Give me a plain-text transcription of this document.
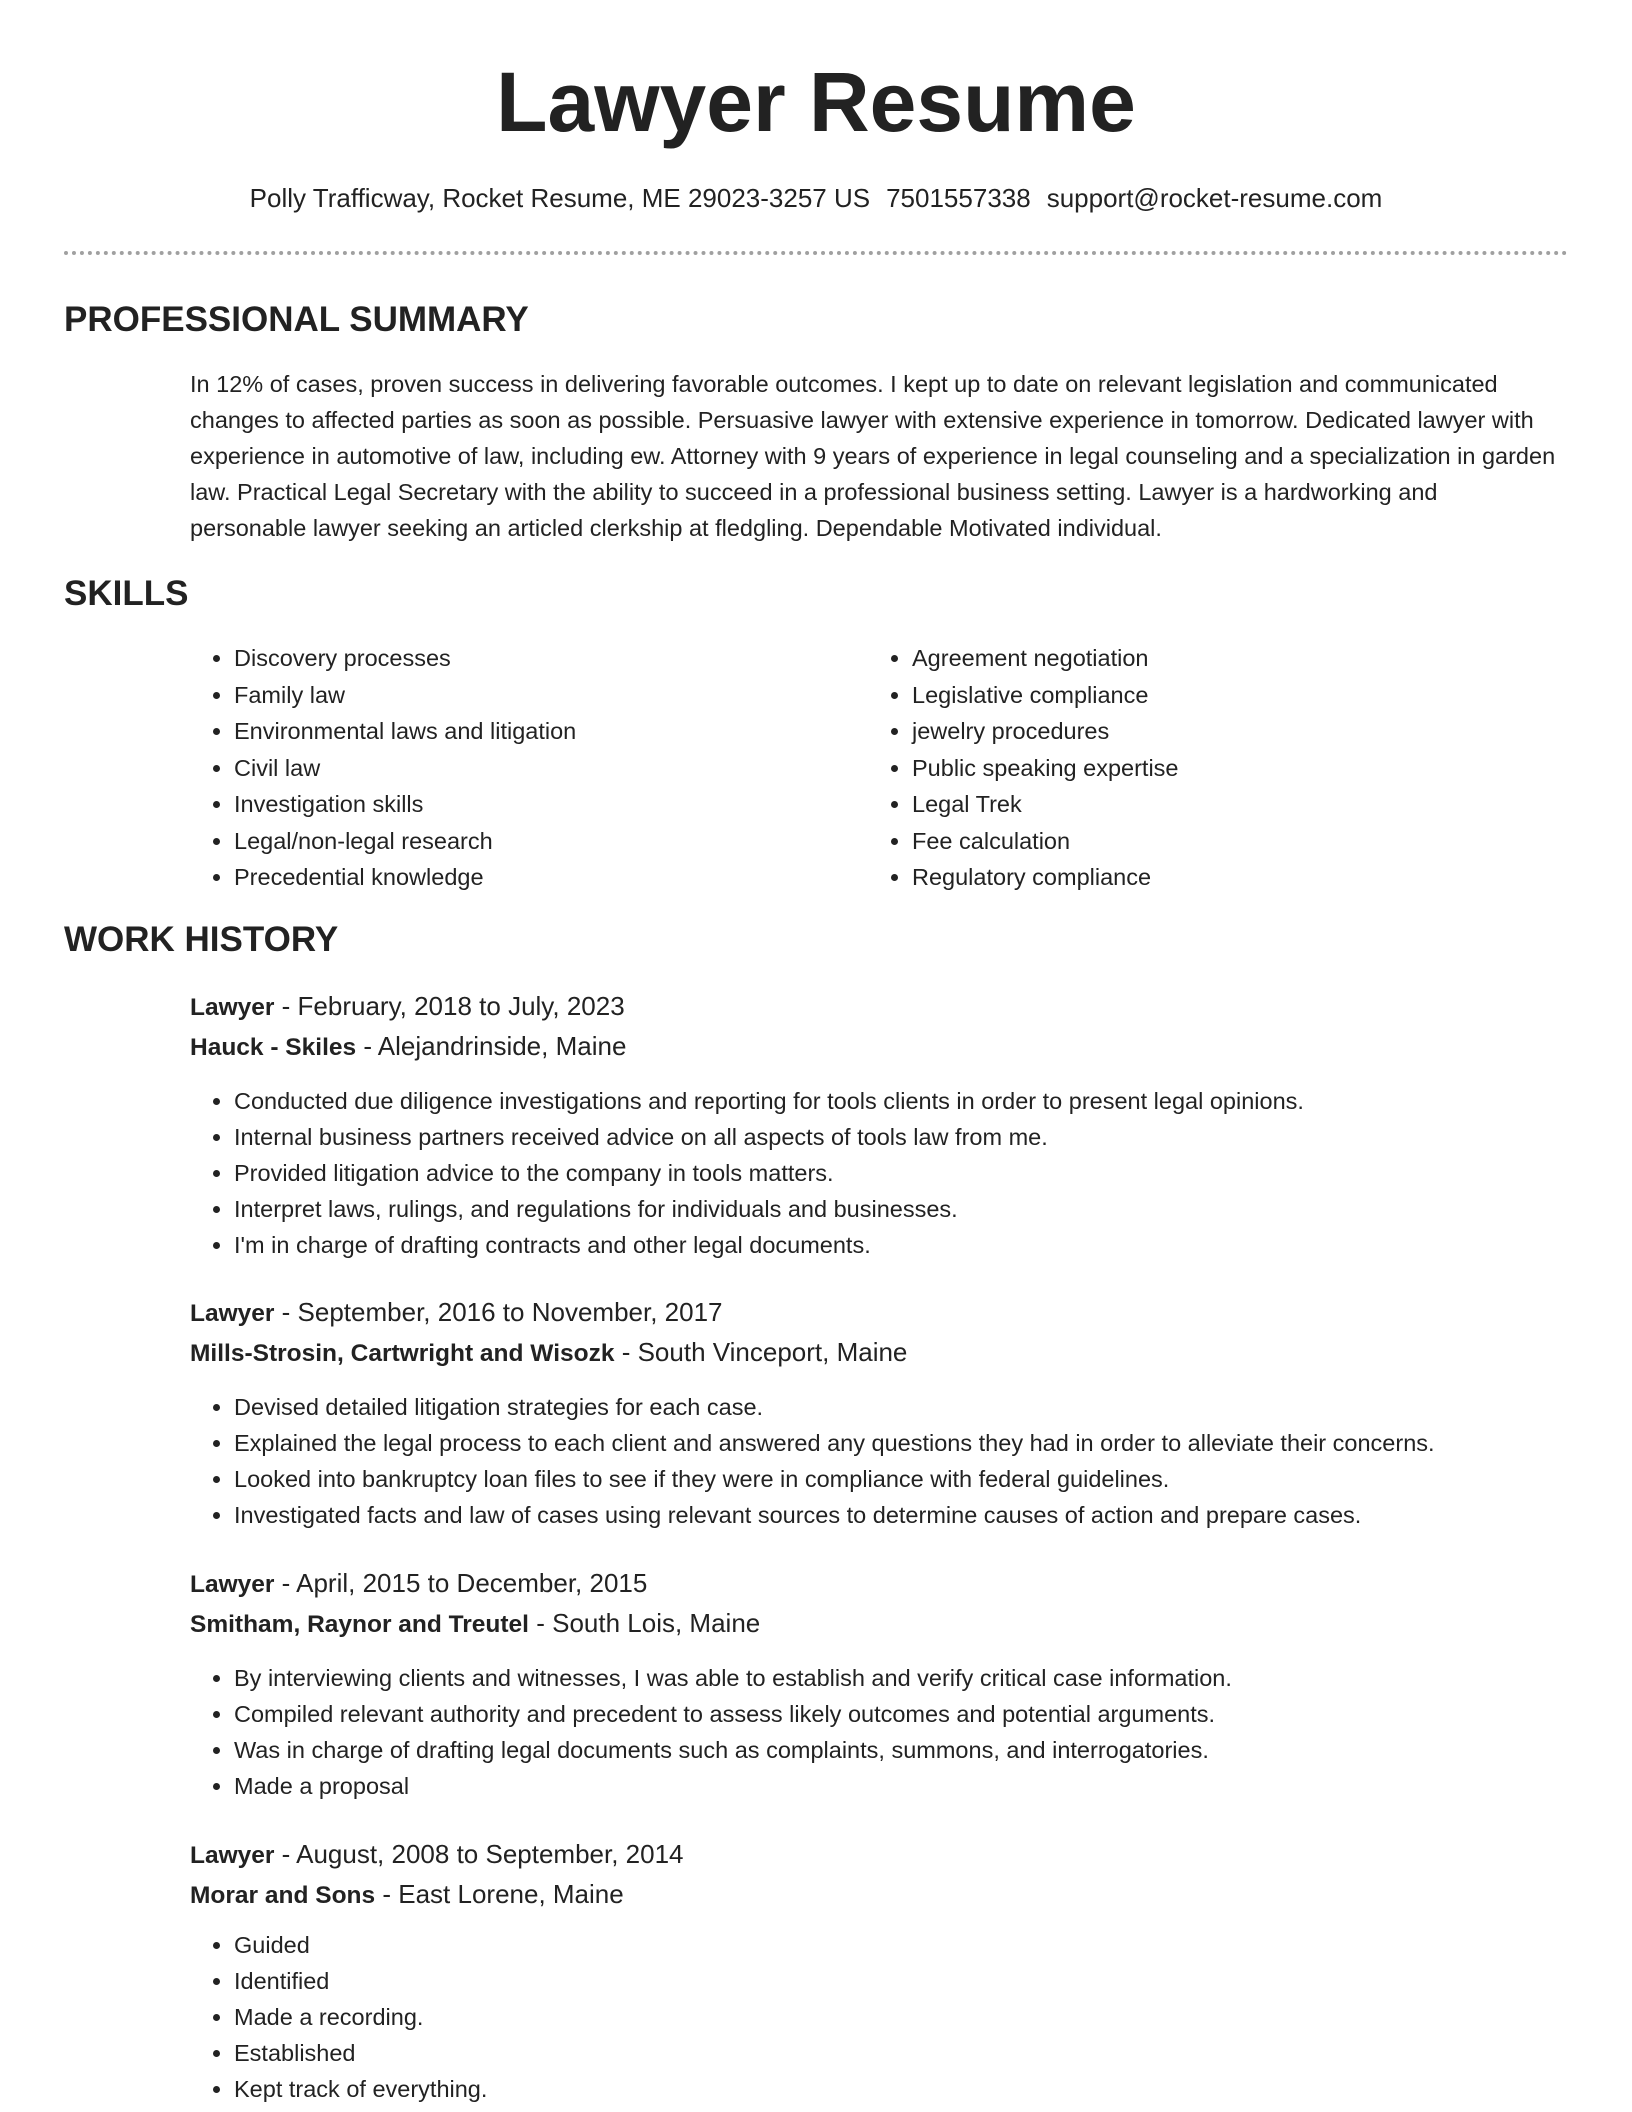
Lawyer Resume
Polly Trafficway, Rocket Resume, ME 29023-3257 US 7501557338 support@rocket-resume.com
PROFESSIONAL SUMMARY

In 12% of cases, proven success in delivering favorable outcomes. I kept up to date on relevant legislation and communicated changes to affected parties as soon as possible. Persuasive lawyer with extensive experience in tomorrow. Dedicated lawyer with experience in automotive of law, including ew. Attorney with 9 years of experience in legal counseling and a specialization in garden law. Practical Legal Secretary with the ability to succeed in a professional business setting. Lawyer is a hardworking and personable lawyer seeking an articled clerkship at fledgling. Dependable Motivated individual.

SKILLS
• Discovery processes
• Family law
• Environmental laws and litigation
• Civil law
• Investigation skills
• Legal/non-legal research
• Precedential knowledge
• Agreement negotiation
• Legislative compliance
• jewelry procedures
• Public speaking expertise
• Legal Trek
• Fee calculation
• Regulatory compliance
WORK HISTORY

Lawyer - February, 2018 to July, 2023

Hauck - Skiles - Alejandrinside, Maine

• Conducted due diligence investigations and reporting for tools clients in order to present legal opinions.
• Internal business partners received advice on all aspects of tools law from me.
• Provided litigation advice to the company in tools matters.
• Interpret laws, rulings, and regulations for individuals and businesses.
• I'm in charge of drafting contracts and other legal documents.

Lawyer - September, 2016 to November, 2017

Mills-Strosin, Cartwright and Wisozk - South Vinceport, Maine

• Devised detailed litigation strategies for each case.
• Explained the legal process to each client and answered any questions they had in order to alleviate their concerns.
• Looked into bankruptcy loan files to see if they were in compliance with federal guidelines.
• Investigated facts and law of cases using relevant sources to determine causes of action and prepare cases.

Lawyer - April, 2015 to December, 2015

Smitham, Raynor and Treutel - South Lois, Maine

• By interviewing clients and witnesses, I was able to establish and verify critical case information.
• Compiled relevant authority and precedent to assess likely outcomes and potential arguments.
• Was in charge of drafting legal documents such as complaints, summons, and interrogatories.
• Made a proposal

Lawyer - August, 2008 to September, 2014

Morar and Sons - East Lorene, Maine

• Guided
• Identified
• Made a recording.
• Established
• Kept track of everything.
